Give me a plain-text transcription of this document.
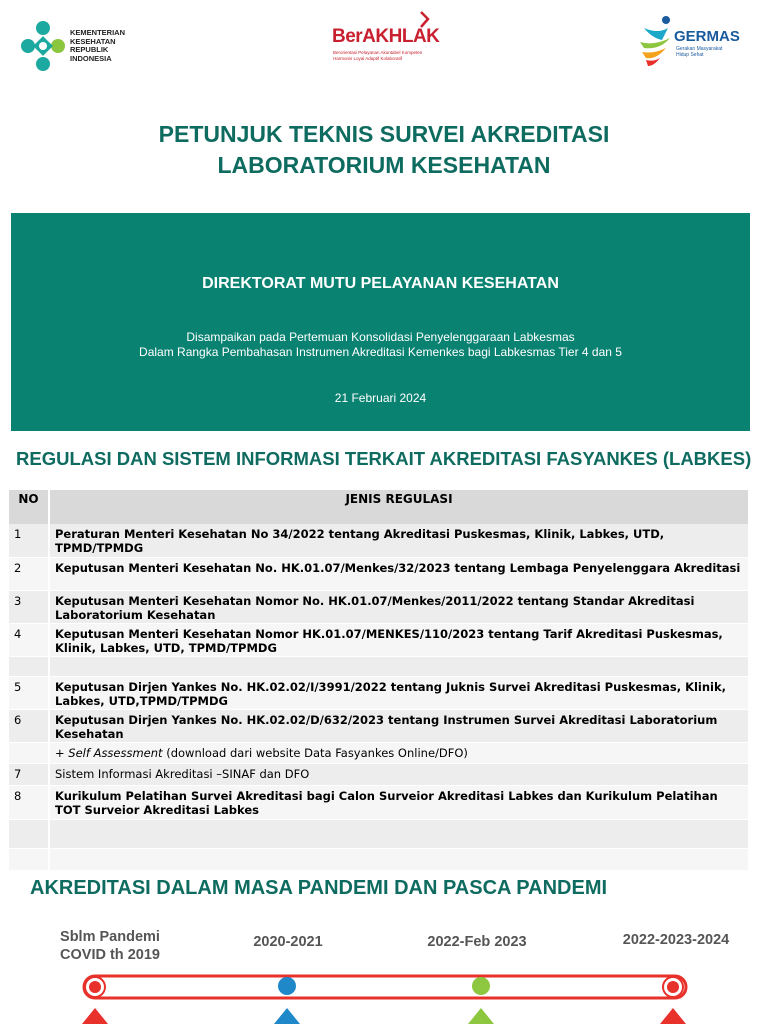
KEMENTERIAN
KESEHATAN
REPUBLIK
INDONESIA
BerAKHLAK
Berorientasi Pelayanan Akuntabel Kompeten
Harmonis Loyal Adaptif Kolaboratif
GERMAS
Gerakan Masyarakat
Hidup Sehat
PETUNJUK TEKNIS SURVEI AKREDITASI
LABORATORIUM KESEHATAN
DIREKTORAT MUTU PELAYANAN KESEHATAN
Disampaikan pada Pertemuan Konsolidasi Penyelenggaraan Labkesmas
Dalam Rangka Pembahasan Instrumen Akreditasi Kemenkes bagi Labkesmas Tier 4 dan 5
21 Februari 2024
REGULASI DAN SISTEM INFORMASI TERKAIT AKREDITASI FASYANKES (LABKES)
NO	JENIS REGULASI
1	Peraturan Menteri Kesehatan No 34/2022 tentang Akreditasi Puskesmas, Klinik, Labkes, UTD, TPMD/TPMDG
2	Keputusan Menteri Kesehatan No. HK.01.07/Menkes/32/2023 tentang Lembaga Penyelenggara Akreditasi
3	Keputusan Menteri Kesehatan Nomor No. HK.01.07/Menkes/2011/2022 tentang Standar Akreditasi Laboratorium Kesehatan
4	Keputusan Menteri Kesehatan Nomor HK.01.07/MENKES/110/2023 tentang Tarif Akreditasi Puskesmas, Klinik, Labkes, UTD, TPMD/TPMDG

5	Keputusan Dirjen Yankes No. HK.02.02/I/3991/2022 tentang Juknis Survei Akreditasi Puskesmas, Klinik, Labkes, UTD,TPMD/TPMDG
6	Keputusan Dirjen Yankes No. HK.02.02/D/632/2023 tentang Instrumen Survei Akreditasi Laboratorium Kesehatan
	+ Self Assessment (download dari website Data Fasyankes Online/DFO)
7	Sistem Informasi Akreditasi –SINAF dan DFO
8	Kurikulum Pelatihan Survei Akreditasi bagi Calon Surveior Akreditasi Labkes dan Kurikulum Pelatihan TOT Surveior Akreditasi Labkes

AKREDITASI DALAM MASA PANDEMI DAN PASCA PANDEMI
Sblm Pandemi
COVID th 2019
2020-2021	2022-Feb 2023	2022-2023-2024
